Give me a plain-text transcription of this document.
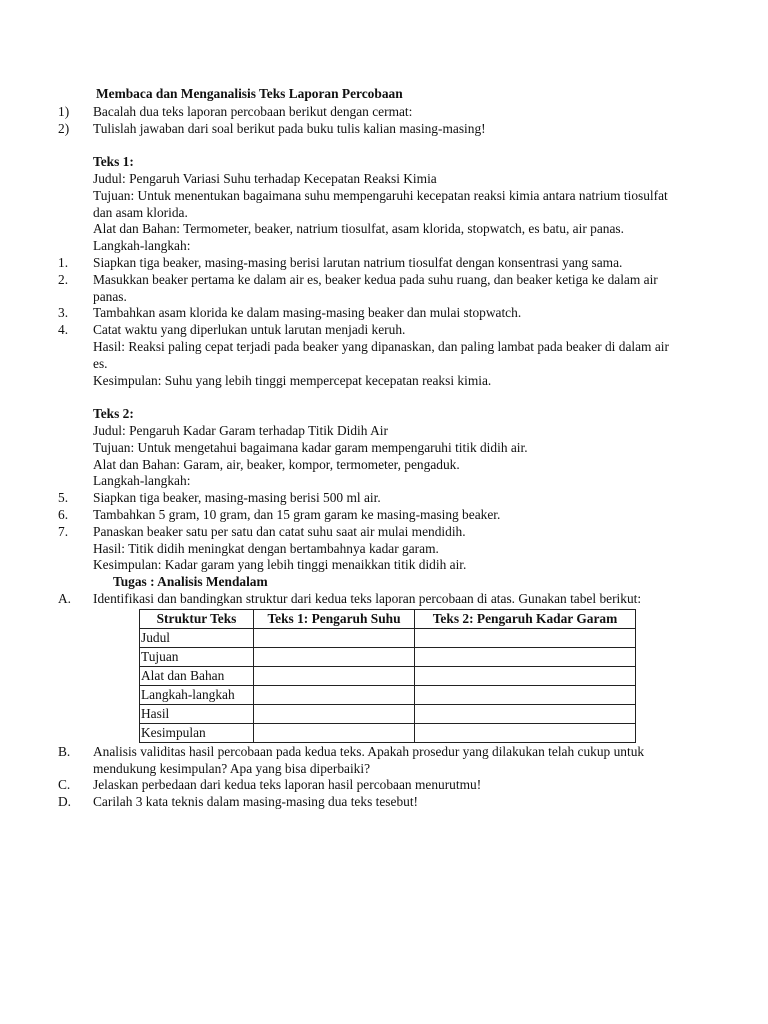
Membaca dan Menganalisis Teks Laporan Percobaan
1)	Bacalah dua teks laporan percobaan berikut dengan cermat:
2)	Tulislah jawaban dari soal berikut pada buku tulis kalian masing-masing!
Teks 1:
Judul: Pengaruh Variasi Suhu terhadap Kecepatan Reaksi Kimia
Tujuan: Untuk menentukan bagaimana suhu mempengaruhi kecepatan reaksi kimia antara natrium tiosulfat dan asam klorida.
Alat dan Bahan: Termometer, beaker, natrium tiosulfat, asam klorida, stopwatch, es batu, air panas.
Langkah-langkah:
1.	Siapkan tiga beaker, masing-masing berisi larutan natrium tiosulfat dengan konsentrasi yang sama.
2.	Masukkan beaker pertama ke dalam air es, beaker kedua pada suhu ruang, dan beaker ketiga ke dalam air panas.
3.	Tambahkan asam klorida ke dalam masing-masing beaker dan mulai stopwatch.
4.	Catat waktu yang diperlukan untuk larutan menjadi keruh.
Hasil: Reaksi paling cepat terjadi pada beaker yang dipanaskan, dan paling lambat pada beaker di dalam air es.
Kesimpulan: Suhu yang lebih tinggi mempercepat kecepatan reaksi kimia.
Teks 2:
Judul: Pengaruh Kadar Garam terhadap Titik Didih Air
Tujuan: Untuk mengetahui bagaimana kadar garam mempengaruhi titik didih air.
Alat dan Bahan: Garam, air, beaker, kompor, termometer, pengaduk.
Langkah-langkah:
5.	Siapkan tiga beaker, masing-masing berisi 500 ml air.
6.	Tambahkan 5 gram, 10 gram, dan 15 gram garam ke masing-masing beaker.
7.	Panaskan beaker satu per satu dan catat suhu saat air mulai mendidih.
Hasil: Titik didih meningkat dengan bertambahnya kadar garam.
Kesimpulan: Kadar garam yang lebih tinggi menaikkan titik didih air.
Tugas : Analisis Mendalam
A.	Identifikasi dan bandingkan struktur dari kedua teks laporan percobaan di atas. Gunakan tabel berikut:
Struktur Teks	Teks 1: Pengaruh Suhu	Teks 2: Pengaruh Kadar Garam
Judul		
Tujuan		
Alat dan Bahan		
Langkah-langkah		
Hasil		
Kesimpulan		
B.	Analisis validitas hasil percobaan pada kedua teks. Apakah prosedur yang dilakukan telah cukup untuk mendukung kesimpulan? Apa yang bisa diperbaiki?
C.	Jelaskan perbedaan dari kedua teks laporan hasil percobaan menurutmu!
D.	Carilah 3 kata teknis dalam masing-masing dua teks tesebut!
